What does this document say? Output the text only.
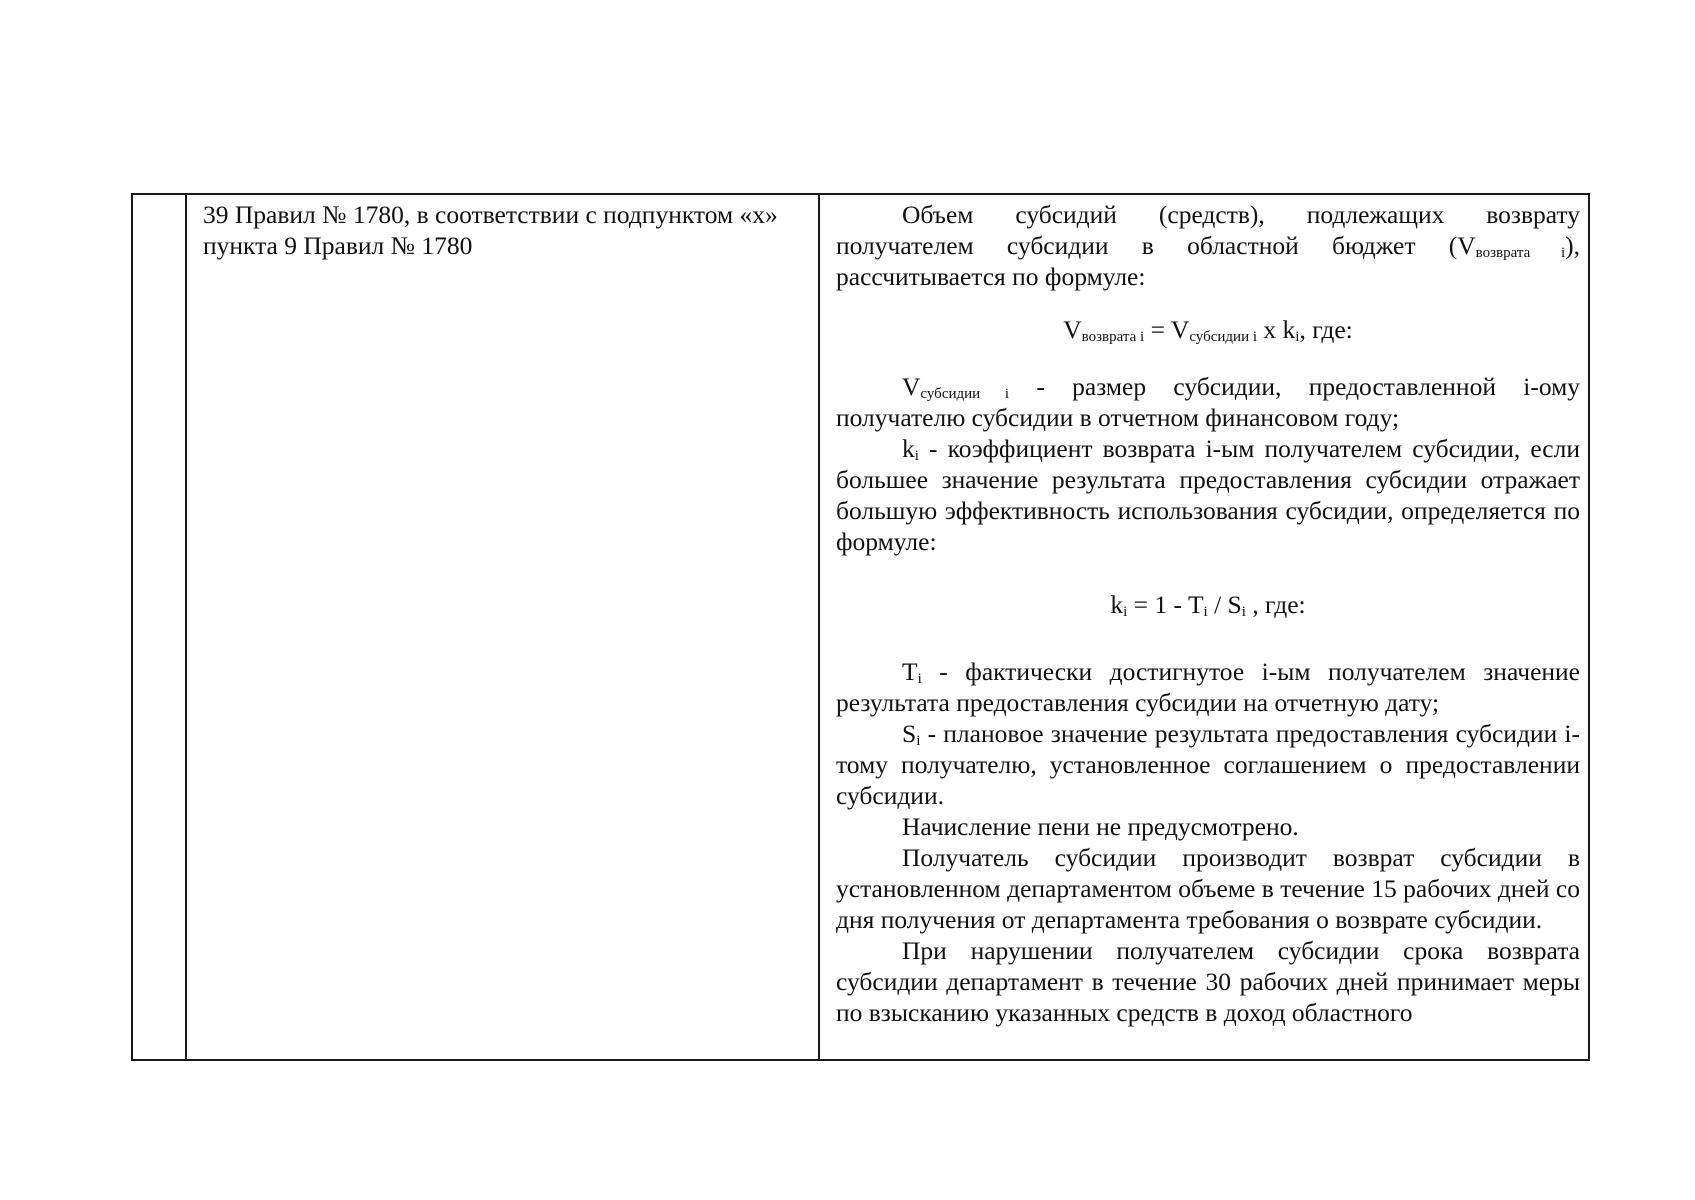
39 Правил № 1780, в соответствии с подпунктом «х» пункта 9 Правил № 1780

Объем субсидий (средств), подлежащих возврату получателем субсидии в областной бюджет $(V_{возврата i})$, рассчитывается по формуле:

$V_{возврата i} = V_{субсидии i}$ x $k_i$, где:

$V_{субсидии i}$ - размер субсидии, предоставленной i-ому получателю субсидии в отчетном финансовом году;

$k_i$ - коэффициент возврата i-ым получателем субсидии, если большее значение результата предоставления субсидии отражает большую эффективность использования субсидии, определяется по формуле:

$k_i = 1 - T_i / S_i$ , где:

$T_i$ - фактически достигнутое i-ым получателем значение результата предоставления субсидии на отчетную дату;

$S_i$ - плановое значение результата предоставления субсидии i-тому получателю, установленное соглашением о предоставлении субсидии.

Начисление пени не предусмотрено.

Получатель субсидии производит возврат субсидии в установленном департаментом объеме в течение 15 рабочих дней со дня получения от департамента требования о возврате субсидии.

При нарушении получателем субсидии срока возврата субсидии департамент в течение 30 рабочих дней принимает меры по взысканию указанных средств в доход областного
